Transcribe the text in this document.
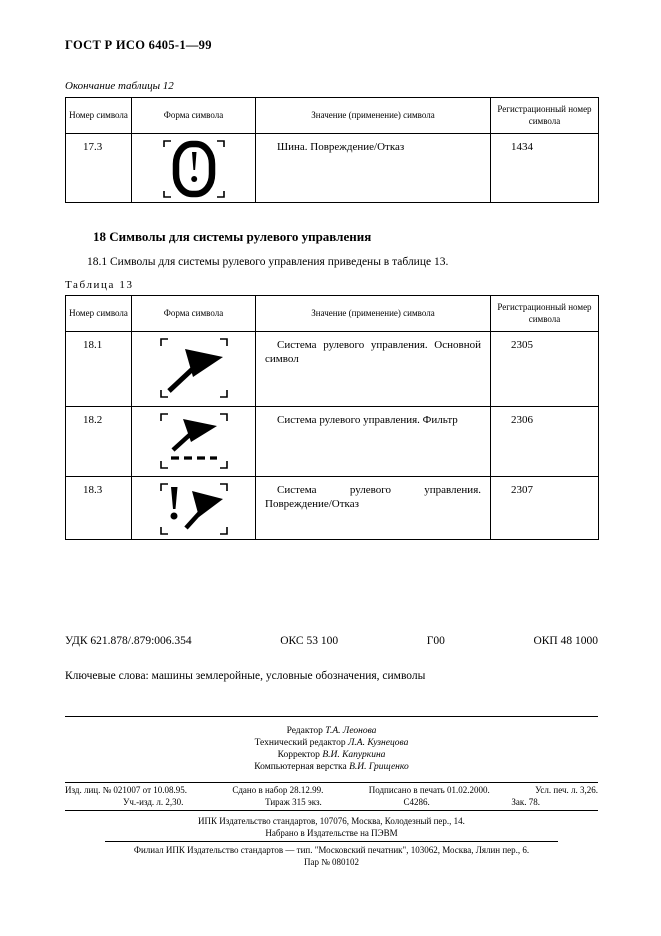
ГОСТ Р ИСО 6405-1—99
Окончание таблицы 12
Номер символа	Форма символа	Значение (применение) символа	Регистрационный номер символа
17.3		Шина. Повреждение/Отказ	1434
18 Символы для системы рулевого управления
18.1 Символы для системы рулевого управления приведены в таблице 13.
Таблица 13
Номер символа	Форма символа	Значение (применение) символа	Регистрационный номер символа
18.1		Система рулевого управления. Основной символ	2305
18.2		Система рулевого управления. Фильтр	2306
18.3		Система рулевого управления. Повреждение/Отказ	2307
УДК 621.878/.879:006.354	ОКС 53 100	Г00	ОКП 48 1000
Ключевые слова: машины землеройные, условные обозначения, символы
Редактор Т.А. Леонова
Технический редактор Л.А. Кузнецова
Корректор В.И. Капуркина
Компьютерная верстка В.И. Грищенко
Изд. лиц. № 021007 от 10.08.95.	Сдано в набор 28.12.99.	Подписано в печать 01.02.2000.	Усл. печ. л. 3,26.
Уч.-изд. л. 2,30.	Тираж 315 экз.	С4286.	Зак. 78.
ИПК Издательство стандартов, 107076, Москва, Колодезный пер., 14.
Набрано в Издательстве на ПЭВМ
Филиал ИПК Издательство стандартов — тип. "Московский печатник", 103062, Москва, Лялин пер., 6.
Пар № 080102
